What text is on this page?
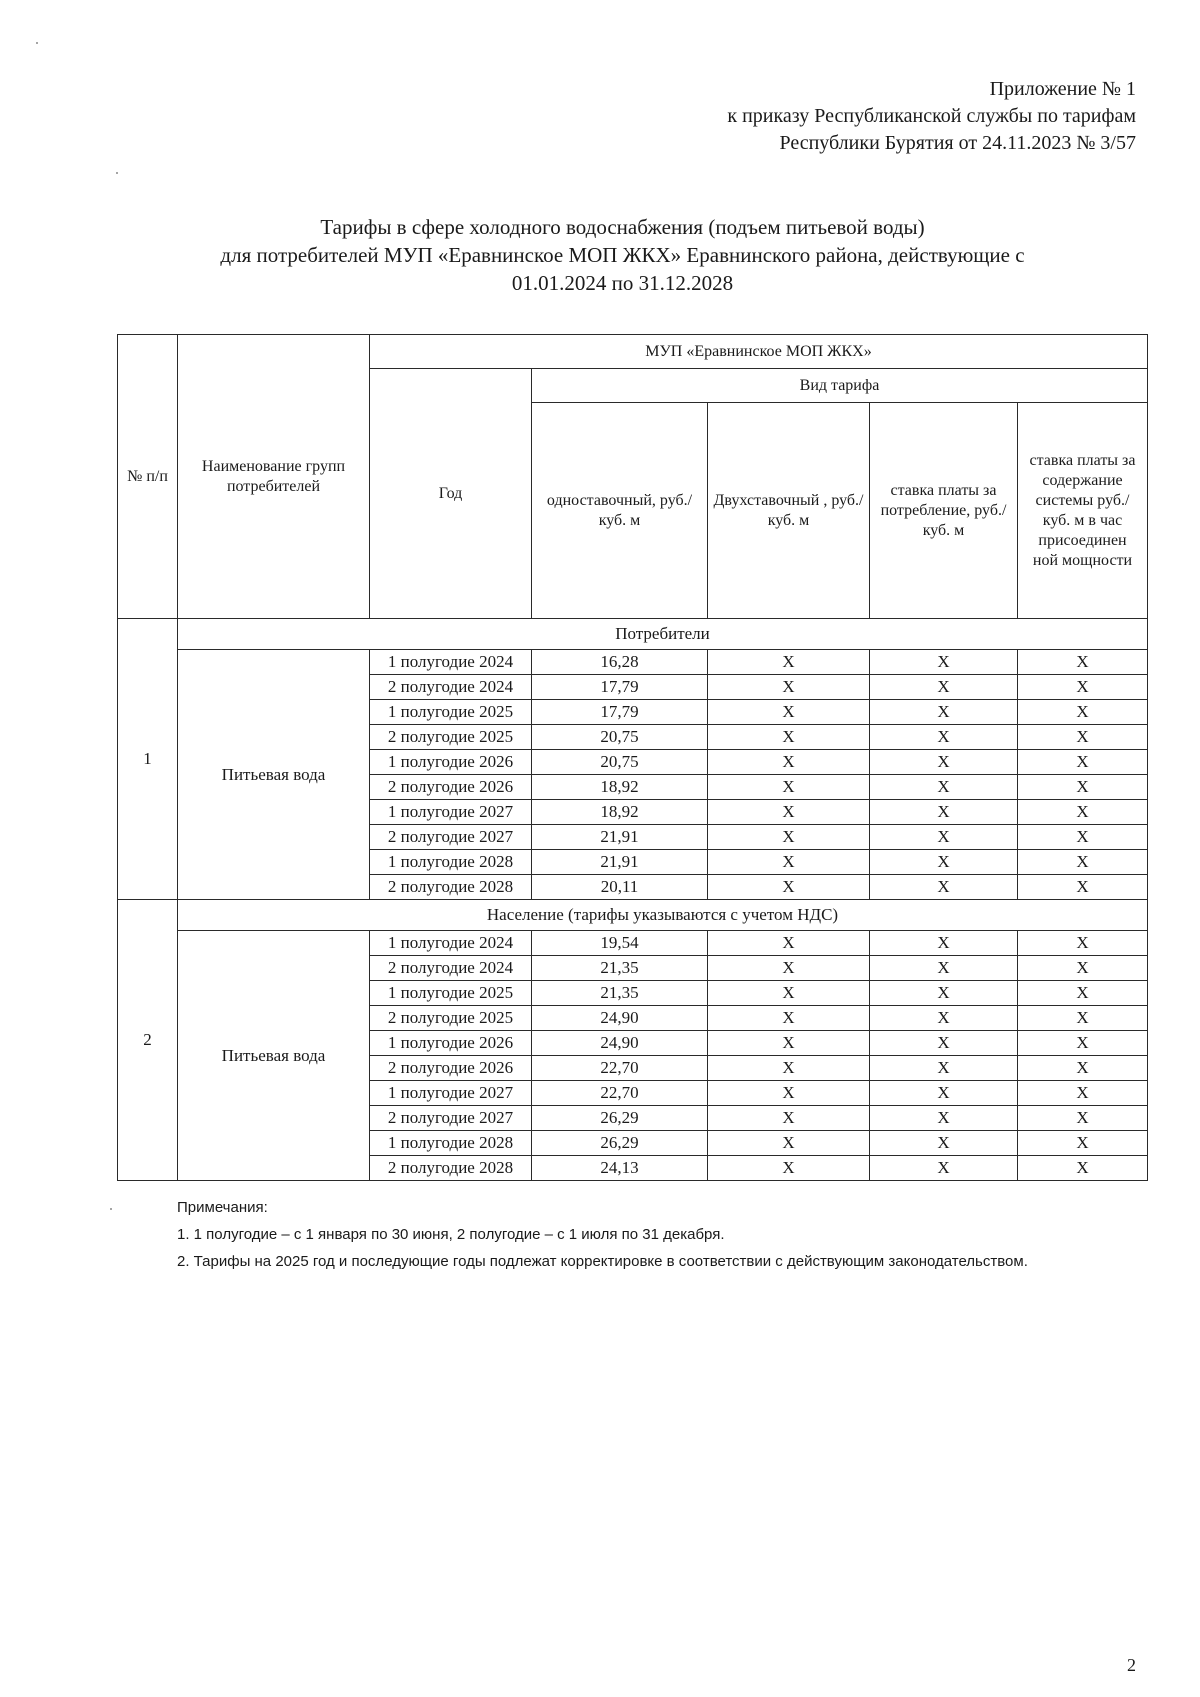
Приложение № 1
к приказу Республиканской службы по тарифам
Республики Бурятия от 24.11.2023 № 3/57
Тарифы в сфере холодного водоснабжения (подъем питьевой воды)
для потребителей МУП «Еравнинское МОП ЖКХ» Еравнинского района, действующие с
01.01.2024 по 31.12.2028
№ п/п	Наименование групп потребителей	МУП «Еравнинское МОП ЖКХ»				
		Год	Вид тарифа			
			одноставочный, руб./ куб. м	Двухставочный , руб./ куб. м	ставка платы за потребление, руб./ куб. м	ставка платы за содержание системы руб./куб. м в час присоединен ной мощности
1	Потребители					
	Питьевая вода	1 полугодие 2024	16,28	X	X	X
		2 полугодие 2024	17,79	X	X	X
		1 полугодие 2025	17,79	X	X	X
		2 полугодие 2025	20,75	X	X	X
		1 полугодие 2026	20,75	X	X	X
		2 полугодие 2026	18,92	X	X	X
		1 полугодие 2027	18,92	X	X	X
		2 полугодие 2027	21,91	X	X	X
		1 полугодие 2028	21,91	X	X	X
		2 полугодие 2028	20,11	X	X	X
2	Население (тарифы указываются с учетом НДС)					
	Питьевая вода	1 полугодие 2024	19,54	X	X	X
		2 полугодие 2024	21,35	X	X	X
		1 полугодие 2025	21,35	X	X	X
		2 полугодие 2025	24,90	X	X	X
		1 полугодие 2026	24,90	X	X	X
		2 полугодие 2026	22,70	X	X	X
		1 полугодие 2027	22,70	X	X	X
		2 полугодие 2027	26,29	X	X	X
		1 полугодие 2028	26,29	X	X	X
		2 полугодие 2028	24,13	X	X	X

Примечания:

1. 1 полугодие – с 1 января по 30 июня, 2 полугодие – с 1 июля по 31 декабря.

2. Тарифы на 2025 год и последующие годы подлежат корректировке в соответствии с действующим законодательством.

2
